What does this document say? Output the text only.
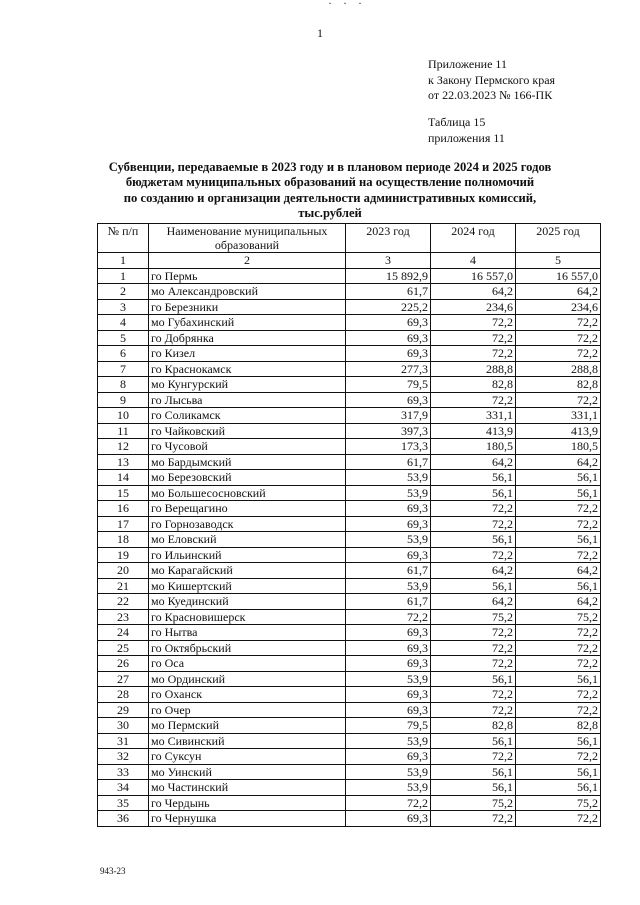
· · ·
1
Приложение 11
к Закону Пермского края
от 22.03.2023 № 166-ПК
Таблица 15
приложения 11
Субвенции, передаваемые в 2023 году и в плановом периоде 2024 и 2025 годов
бюджетам муниципальных образований на осуществление полномочий
по созданию и организации деятельности административных комиссий,
тыс.рублей
№ п/п	Наименование муниципальных образований	2023 год	2024 год	2025 год
1	2	3	4	5
1	го Пермь	15 892,9	16 557,0	16 557,0
2	мо Александровский	61,7	64,2	64,2
3	го Березники	225,2	234,6	234,6
4	мо Губахинский	69,3	72,2	72,2
5	го Добрянка	69,3	72,2	72,2
6	го Кизел	69,3	72,2	72,2
7	го Краснокамск	277,3	288,8	288,8
8	мо Кунгурский	79,5	82,8	82,8
9	го Лысьва	69,3	72,2	72,2
10	го Соликамск	317,9	331,1	331,1
11	го Чайковский	397,3	413,9	413,9
12	го Чусовой	173,3	180,5	180,5
13	мо Бардымский	61,7	64,2	64,2
14	мо Березовский	53,9	56,1	56,1
15	мо Большесосновский	53,9	56,1	56,1
16	го Верещагино	69,3	72,2	72,2
17	го Горнозаводск	69,3	72,2	72,2
18	мо Еловский	53,9	56,1	56,1
19	го Ильинский	69,3	72,2	72,2
20	мо Карагайский	61,7	64,2	64,2
21	мо Кишертский	53,9	56,1	56,1
22	мо Куединский	61,7	64,2	64,2
23	го Красновишерск	72,2	75,2	75,2
24	го Нытва	69,3	72,2	72,2
25	го Октябрьский	69,3	72,2	72,2
26	го Оса	69,3	72,2	72,2
27	мо Ординский	53,9	56,1	56,1
28	го Оханск	69,3	72,2	72,2
29	го Очер	69,3	72,2	72,2
30	мо Пермский	79,5	82,8	82,8
31	мо Сивинский	53,9	56,1	56,1
32	го Суксун	69,3	72,2	72,2
33	мо Уинский	53,9	56,1	56,1
34	мо Частинский	53,9	56,1	56,1
35	го Чердынь	72,2	75,2	75,2
36	го Чернушка	69,3	72,2	72,2
943-23
